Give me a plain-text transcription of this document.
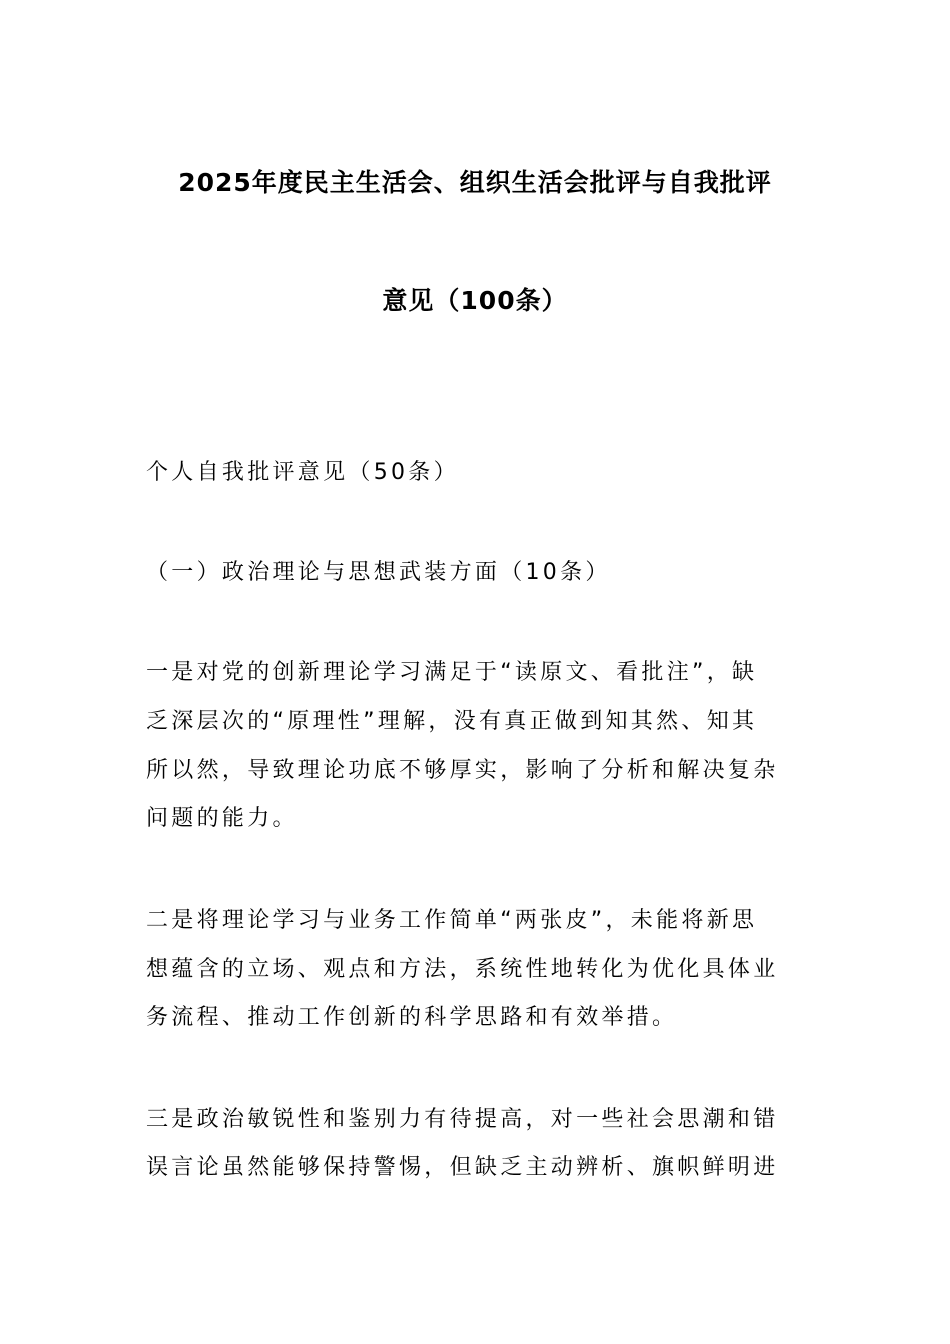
2025年度民主生活会、组织生活会批评与自我批评
意见（100条）
个人自我批评意见（50条）
（一）政治理论与思想武装方面（10条）
一是对党的创新理论学习满足于“读原文、看批注”，缺
乏深层次的“原理性”理解，没有真正做到知其然、知其
所以然，导致理论功底不够厚实，影响了分析和解决复杂
问题的能力。
二是将理论学习与业务工作简单“两张皮”，未能将新思
想蕴含的立场、观点和方法，系统性地转化为优化具体业
务流程、推动工作创新的科学思路和有效举措。
三是政治敏锐性和鉴别力有待提高，对一些社会思潮和错
误言论虽然能够保持警惕，但缺乏主动辨析、旗帜鲜明进
